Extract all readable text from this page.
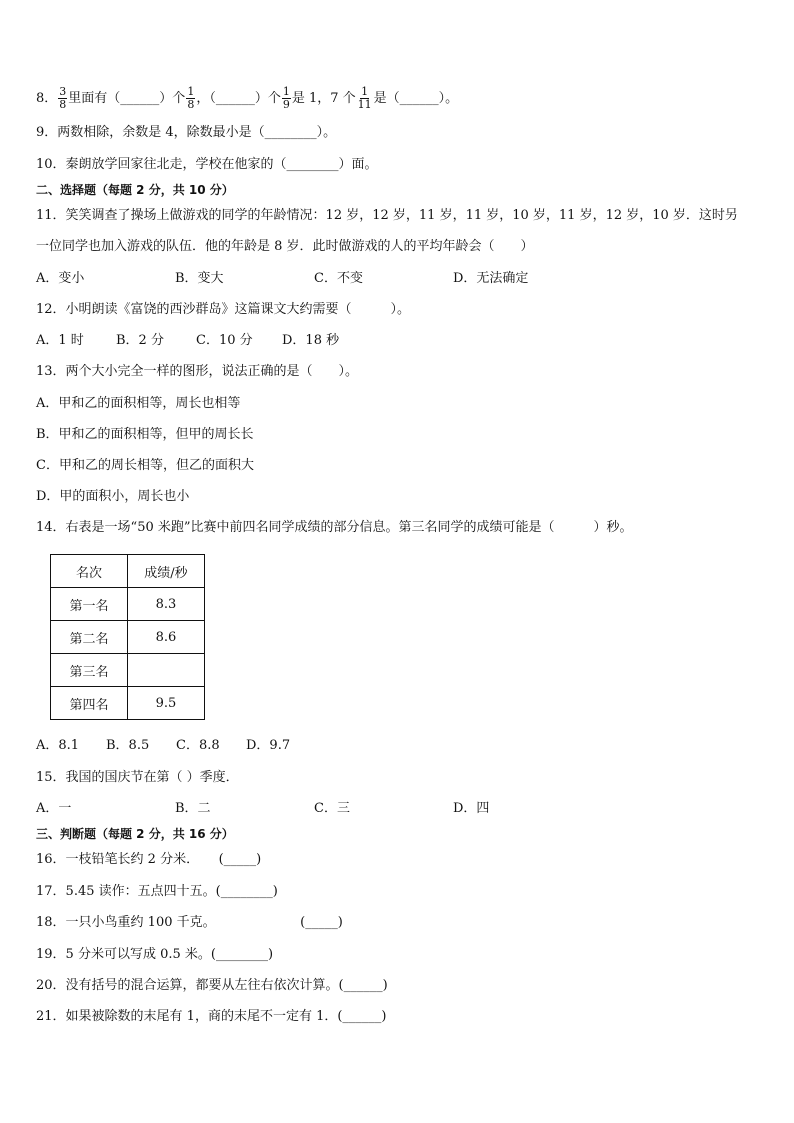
8． $\frac{3}{8}$ 里面有（______）个 $\frac{1}{8}$ ，（______）个 $\frac{1}{9}$ 是 1，7 个 $\frac{1}{11}$ 是（______）。
9．两数相除，余数是 4，除数最小是（________）。
10．秦朗放学回家往北走，学校在他家的（________）面。
二、选择题（每题 2 分，共 10 分）
11．笑笑调查了操场上做游戏的同学的年龄情况：12 岁，12 岁，11 岁，11 岁，10 岁，11 岁，12 岁，10 岁．这时另
一位同学也加入游戏的队伍．他的年龄是 8 岁．此时做游戏的人的平均年龄会（　　）
A．变小	B．变大	C．不变	D．无法确定
12．小明朗读《富饶的西沙群岛》这篇课文大约需要（　　　）。
A．1 时 B．2 分 C．10 分 D．18 秒
13．两个大小完全一样的图形，说法正确的是（　　）。
A．甲和乙的面积相等，周长也相等
B．甲和乙的面积相等，但甲的周长长
C．甲和乙的周长相等，但乙的面积大
D．甲的面积小，周长也小
14．右表是一场“50 米跑”比赛中前四名同学成绩的部分信息。第三名同学的成绩可能是（　　　）秒。
名次	成绩/秒
第一名	8.3
第二名	8.6
第三名	
第四名	9.5
A．8.1 B．8.5 C．8.8 D．9.7
15．我国的国庆节在第（ ）季度．
A．一	B．二	C．三	D．四
三、判断题（每题 2 分，共 16 分）
16．一枝铅笔长约 2 分米．　　(_____)
17．5.45 读作：五点四十五。(________)
18．一只小鸟重约 100 千克。　　　　　　　(_____)
19．5 分米可以写成 0.5 米。(________)
20．没有括号的混合运算，都要从左往右依次计算。(______)
21．如果被除数的末尾有 1，商的末尾不一定有 1．(______)
